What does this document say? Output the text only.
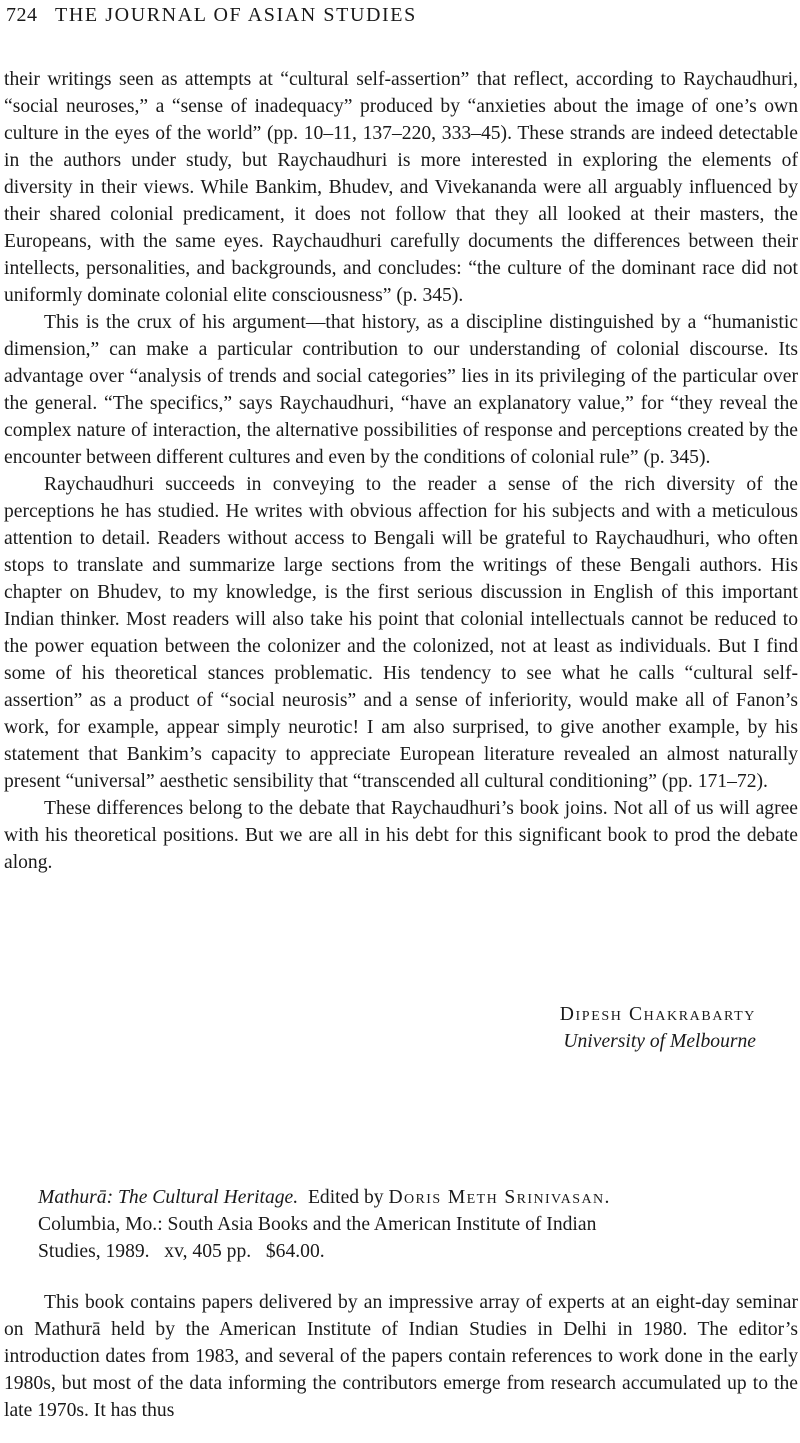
724 THE JOURNAL OF ASIAN STUDIES

their writings seen as attempts at “cultural self-assertion” that reflect, according to Raychaudhuri, “social neuroses,” a “sense of inadequacy” produced by “anxieties about the image of one’s own culture in the eyes of the world” (pp. 10–11, 137–220, 333–45). These strands are indeed detectable in the authors under study, but Raychaudhuri is more interested in exploring the elements of diversity in their views. While Bankim, Bhudev, and Vivekananda were all arguably influenced by their shared colonial predicament, it does not follow that they all looked at their masters, the Europeans, with the same eyes. Raychaudhuri carefully documents the differences between their intellects, personalities, and backgrounds, and concludes: “the culture of the dominant race did not uniformly dominate colonial elite consciousness” (p. 345).

This is the crux of his argument—that history, as a discipline distinguished by a “humanistic dimension,” can make a particular contribution to our understanding of colonial discourse. Its advantage over “analysis of trends and social categories” lies in its privileging of the particular over the general. “The specifics,” says Raychaudhuri, “have an explanatory value,” for “they reveal the complex nature of interaction, the alternative possibilities of response and perceptions created by the encounter between different cultures and even by the conditions of colonial rule” (p. 345).

Raychaudhuri succeeds in conveying to the reader a sense of the rich diversity of the perceptions he has studied. He writes with obvious affection for his subjects and with a meticulous attention to detail. Readers without access to Bengali will be grateful to Raychaudhuri, who often stops to translate and summarize large sections from the writings of these Bengali authors. His chapter on Bhudev, to my knowledge, is the first serious discussion in English of this important Indian thinker. Most readers will also take his point that colonial intellectuals cannot be reduced to the power equation between the colonizer and the colonized, not at least as individuals. But I find some of his theoretical stances problematic. His tendency to see what he calls “cultural self-assertion” as a product of “social neurosis” and a sense of inferiority, would make all of Fanon’s work, for example, appear simply neurotic! I am also surprised, to give another example, by his statement that Bankim’s capacity to appreciate European literature revealed an almost naturally present “universal” aesthetic sensibility that “transcended all cultural conditioning” (pp. 171–72).

These differences belong to the debate that Raychaudhuri’s book joins. Not all of us will agree with his theoretical positions. But we are all in his debt for this significant book to prod the debate along.

Dipesh Chakrabarty
University of Melbourne
Mathurā: The Cultural Heritage. Edited by Doris Meth Srinivasan.
Columbia, Mo.: South Asia Books and the American Institute of Indian
Studies, 1989.   xv, 405 pp.   $64.00.

This book contains papers delivered by an impressive array of experts at an eight-day seminar on Mathurā held by the American Institute of Indian Studies in Delhi in 1980. The editor’s introduction dates from 1983, and several of the papers contain references to work done in the early 1980s, but most of the data informing the contributors emerge from research accumulated up to the late 1970s. It has thus
